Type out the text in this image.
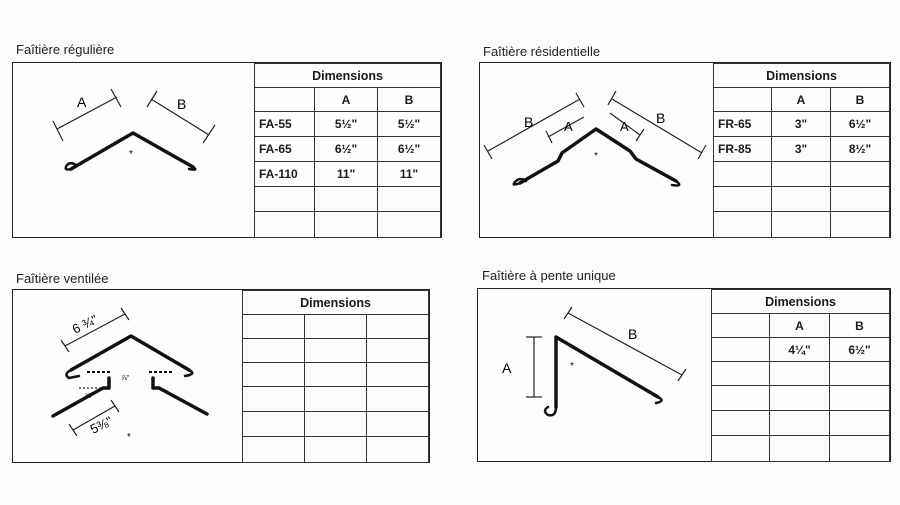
Faîtière régulière
A	B
*
Dimensions		
	A	B
FA-55	5½"	5½"
FA-65	6½"	6½"
FA-110	11"	11"

Faîtière résidentielle
B A	A
B
*
Dimensions		
	A	B
FR-65	3"	6½"
FR-85	3"	8½"

Faîtière ventilée
6 ¾"
5⅜"
⅞"
⅝"
*
Dimensions		

Faîtière à pente unique
A
B
*
Dimensions		
	A	B
	4¼"	6½"
